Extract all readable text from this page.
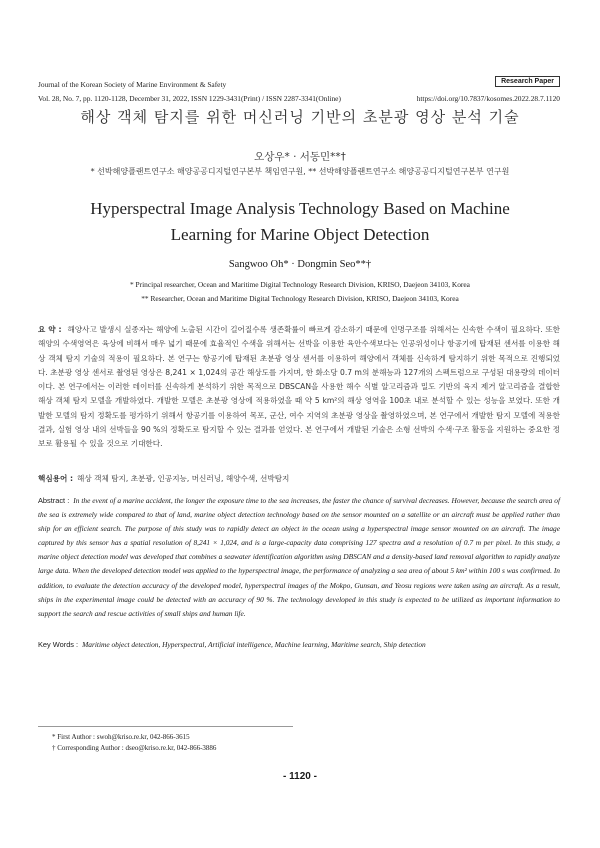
Journal of the Korean Society of Marine Environment & Safety	Research Paper
Vol. 28, No. 7, pp. 1120-1128, December 31, 2022, ISSN 1229-3431(Print) / ISSN 2287-3341(Online)	https://doi.org/10.7837/kosomes.2022.28.7.1120
해상 객체 탐지를 위한 머신러닝 기반의 초분광 영상 분석 기술
오상우* · 서동민**†
* 선박해양플랜트연구소 해양공공디지털연구본부 책임연구원, ** 선박해양플랜트연구소 해양공공디지털연구본부 연구원
Hyperspectral Image Analysis Technology Based on Machine
Learning for Marine Object Detection
Sangwoo Oh* · Dongmin Seo**†
* Principal researcher, Ocean and Maritime Digital Technology Research Division, KRISO, Daejeon 34103, Korea
** Researcher, Ocean and Maritime Digital Technology Research Division, KRISO, Daejeon 34103, Korea
요 약 : 해양사고 발생시 실종자는 해양에 노출된 시간이 길어질수록 생존확률이 빠르게 감소하기 때문에 인명구조를 위해서는 신속한 수색이 필요하다. 또한 해양의 수색영역은 육상에 비해서 매우 넓기 때문에 효율적인 수색을 위해서는 선박을 이용한 육안수색보다는 인공위성이나 항공기에 탑재된 센서를 이용한 해상 객체 탐지 기술의 적용이 필요하다. 본 연구는 항공기에 탑재된 초분광 영상 센서를 이용하여 해양에서 객체를 신속하게 탐지하기 위한 목적으로 진행되었다. 초분광 영상 센서로 촬영된 영상은 8,241 × 1,024의 공간 해상도를 가지며, 한 화소당 0.7 m의 분해능과 127개의 스펙트럼으로 구성된 대용량의 데이터이다. 본 연구에서는 이러한 데이터를 신속하게 분석하기 위한 목적으로 DBSCAN을 사용한 해수 식별 알고리즘과 밀도 기반의 육지 제거 알고리즘을 결합한 해상 객체 탐지 모델을 개발하였다. 개발한 모델은 초분광 영상에 적용하였을 때 약 5 km²의 해상 영역을 100초 내로 분석할 수 있는 성능을 보였다. 또한 개발한 모델의 탐지 정확도를 평가하기 위해서 항공기를 이용하여 목포, 군산, 여수 지역의 초분광 영상을 촬영하였으며, 본 연구에서 개발한 탐지 모델에 적용한 결과, 실험 영상 내의 선박들을 90 %의 정확도로 탐지할 수 있는 결과를 얻었다. 본 연구에서 개발된 기술은 소형 선박의 수색·구조 활동을 지원하는 중요한 정보로 활용될 수 있을 것으로 기대한다.
핵심용어 : 해상 객체 탐지, 초분광, 인공지능, 머신러닝, 해양수색, 선박탐지
Abstract : In the event of a marine accident, the longer the exposure time to the sea increases, the faster the chance of survival decreases. However, because the search area of the sea is extremely wide compared to that of land, marine object detection technology based on the sensor mounted on a satellite or an aircraft must be applied rather than ship for an efficient search. The purpose of this study was to rapidly detect an object in the ocean using a hyperspectral image sensor mounted on an aircraft. The image captured by this sensor has a spatial resolution of 8,241 × 1,024, and is a large-capacity data comprising 127 spectra and a resolution of 0.7 m per pixel. In this study, a marine object detection model was developed that combines a seawater identification algorithm using DBSCAN and a density-based land removal algorithm to rapidly analyze large data. When the developed detection model was applied to the hyperspectral image, the performance of analyzing a sea area of about 5 km² within 100 s was confirmed. In addition, to evaluate the detection accuracy of the developed model, hyperspectral images of the Mokpo, Gunsan, and Yeosu regions were taken using an aircraft. As a result, ships in the experimental image could be detected with an accuracy of 90 %. The technology developed in this study is expected to be utilized as important information to support the search and rescue activities of small ships and human life.
Key Words : Maritime object detection, Hyperspectral, Artificial intelligence, Machine learning, Maritime search, Ship detection
* First Author : swoh@kriso.re.kr, 042-866-3615
† Corresponding Author : dseo@kriso.re.kr, 042-866-3886
- 1120 -
